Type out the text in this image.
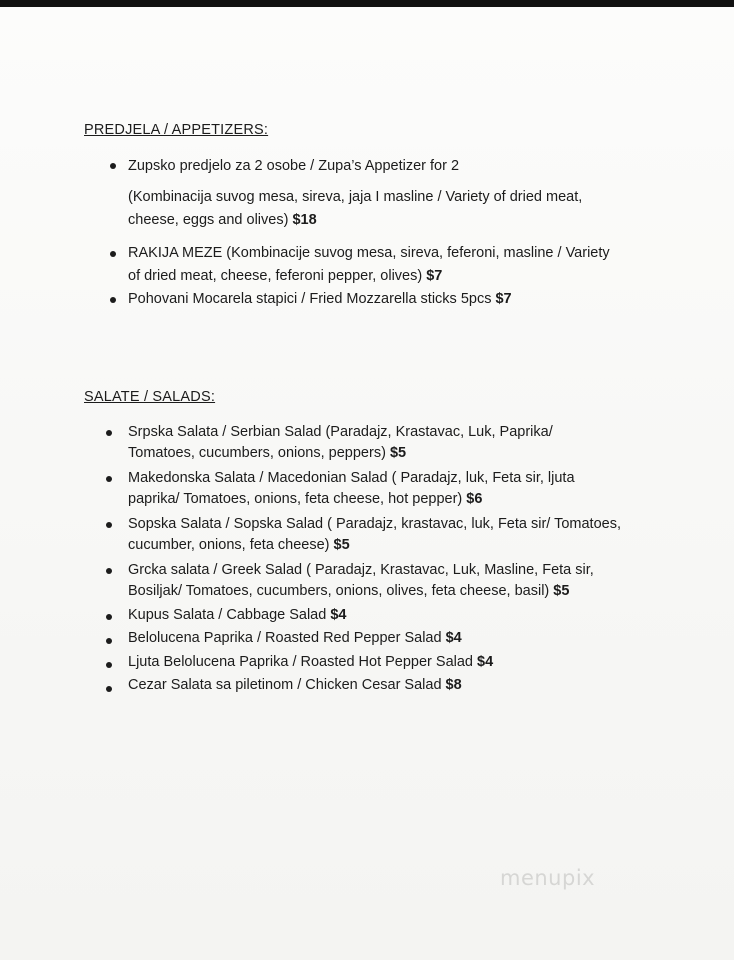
PREDJELA / APPETIZERS:
Zupsko predjelo za 2 osobe / Zupa’s Appetizer for 2
(Kombinacija suvog mesa, sireva, jaja I masline / Variety of dried meat,
cheese, eggs and olives) $18
RAKIJA MEZE (Kombinacije suvog mesa, sireva, feferoni, masline / Variety
of dried meat, cheese, feferoni pepper, olives) $7
Pohovani Mocarela stapici / Fried Mozzarella sticks 5pcs $7
SALATE / SALADS:
Srpska Salata / Serbian Salad (Paradajz, Krastavac, Luk, Paprika/
Tomatoes, cucumbers, onions, peppers) $5
Makedonska Salata / Macedonian Salad ( Paradajz, luk, Feta sir, ljuta
paprika/ Tomatoes, onions, feta cheese, hot pepper) $6
Sopska Salata / Sopska Salad ( Paradajz, krastavac, luk, Feta sir/ Tomatoes,
cucumber, onions, feta cheese) $5
Grcka salata / Greek Salad ( Paradajz, Krastavac, Luk, Masline, Feta sir,
Bosiljak/ Tomatoes, cucumbers, onions, olives, feta cheese, basil) $5
Kupus Salata / Cabbage Salad $4
Belolucena Paprika / Roasted Red Pepper Salad $4
Ljuta Belolucena Paprika / Roasted Hot Pepper Salad $4
Cezar Salata sa piletinom / Chicken Cesar Salad $8
menupix
